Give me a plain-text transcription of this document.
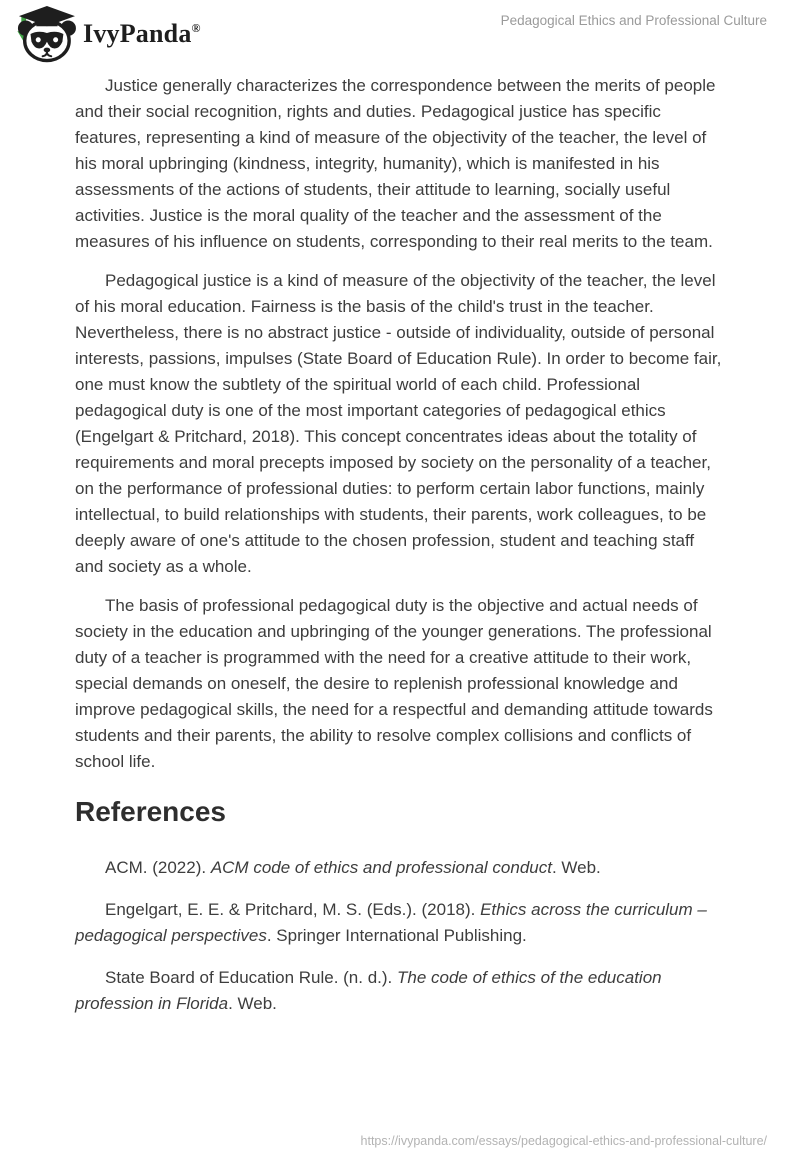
IvyPanda®	Pedagogical Ethics and Professional Culture

Justice generally characterizes the correspondence between the merits of people and their social recognition, rights and duties. Pedagogical justice has specific features, representing a kind of measure of the objectivity of the teacher, the level of his moral upbringing (kindness, integrity, humanity), which is manifested in his assessments of the actions of students, their attitude to learning, socially useful activities. Justice is the moral quality of the teacher and the assessment of the measures of his influence on students, corresponding to their real merits to the team.

Pedagogical justice is a kind of measure of the objectivity of the teacher, the level of his moral education. Fairness is the basis of the child's trust in the teacher. Nevertheless, there is no abstract justice - outside of individuality, outside of personal interests, passions, impulses (State Board of Education Rule). In order to become fair, one must know the subtlety of the spiritual world of each child. Professional pedagogical duty is one of the most important categories of pedagogical ethics (Engelgart & Pritchard, 2018). This concept concentrates ideas about the totality of requirements and moral precepts imposed by society on the personality of a teacher, on the performance of professional duties: to perform certain labor functions, mainly intellectual, to build relationships with students, their parents, work colleagues, to be deeply aware of one's attitude to the chosen profession, student and teaching staff and society as a whole.

The basis of professional pedagogical duty is the objective and actual needs of society in the education and upbringing of the younger generations. The professional duty of a teacher is programmed with the need for a creative attitude to their work, special demands on oneself, the desire to replenish professional knowledge and improve pedagogical skills, the need for a respectful and demanding attitude towards students and their parents, the ability to resolve complex collisions and conflicts of school life.

References

ACM. (2022). ACM code of ethics and professional conduct. Web.

Engelgart, E. E. & Pritchard, M. S. (Eds.). (2018). Ethics across the curriculum – pedagogical perspectives. Springer International Publishing.

State Board of Education Rule. (n. d.). The code of ethics of the education profession in Florida. Web.

https://ivypanda.com/essays/pedagogical-ethics-and-professional-culture/
